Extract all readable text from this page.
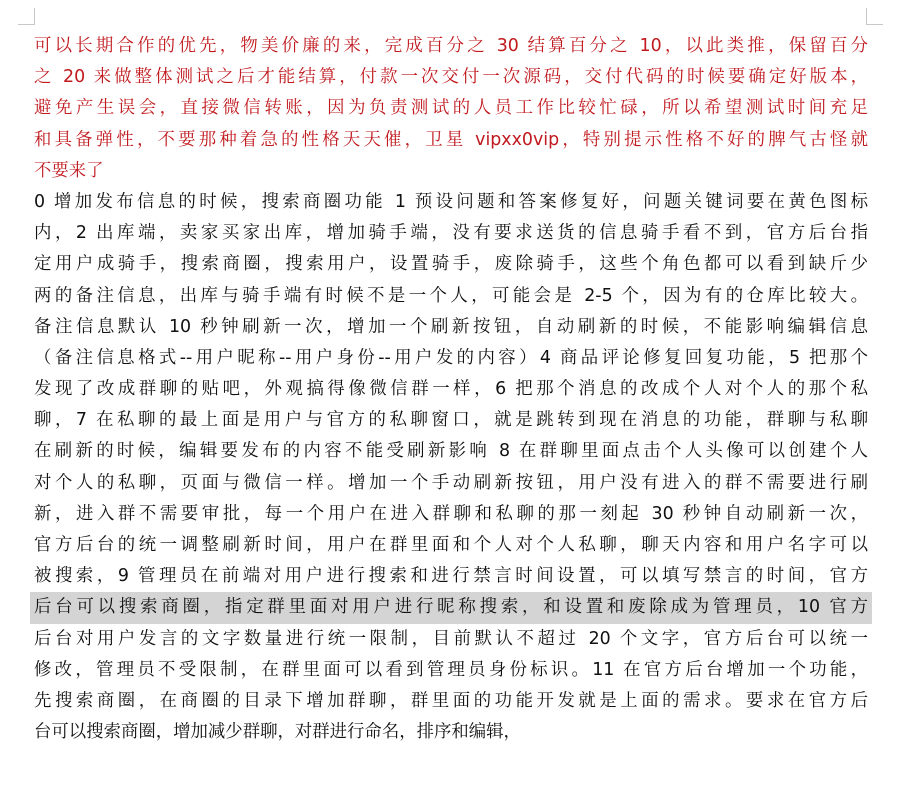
可以长期合作的优先，物美价廉的来，完成百分之 30 结算百分之 10，以此类推，保留百分
之 20 来做整体测试之后才能结算，付款一次交付一次源码，交付代码的时候要确定好版本，
避免产生误会，直接微信转账，因为负责测试的人员工作比较忙碌，所以希望测试时间充足
和具备弹性，不要那种着急的性格天天催，卫星 vipxx0vip，特别提示性格不好的脾气古怪就
不要来了
0 增加发布信息的时候，搜索商圈功能 1 预设问题和答案修复好，问题关键词要在黄色图标
内，2 出库端，卖家买家出库，增加骑手端，没有要求送货的信息骑手看不到，官方后台指
定用户成骑手，搜索商圈，搜索用户，设置骑手，废除骑手，这些个角色都可以看到缺斤少
两的备注信息，出库与骑手端有时候不是一个人，可能会是 2-5 个，因为有的仓库比较大。
备注信息默认 10 秒钟刷新一次，增加一个刷新按钮，自动刷新的时候，不能影响编辑信息
（备注信息格式--用户昵称--用户身份--用户发的内容）4 商品评论修复回复功能，5 把那个
发现了改成群聊的贴吧，外观搞得像微信群一样，6 把那个消息的改成个人对个人的那个私
聊，7 在私聊的最上面是用户与官方的私聊窗口，就是跳转到现在消息的功能，群聊与私聊
在刷新的时候，编辑要发布的内容不能受刷新影响 8 在群聊里面点击个人头像可以创建个人
对个人的私聊，页面与微信一样。增加一个手动刷新按钮，用户没有进入的群不需要进行刷
新，进入群不需要审批，每一个用户在进入群聊和私聊的那一刻起 30 秒钟自动刷新一次，
官方后台的统一调整刷新时间，用户在群里面和个人对个人私聊，聊天内容和用户名字可以
被搜索，9 管理员在前端对用户进行搜索和进行禁言时间设置，可以填写禁言的时间，官方
后台可以搜索商圈，指定群里面对用户进行昵称搜索，和设置和废除成为管理员，10 官方
后台对用户发言的文字数量进行统一限制，目前默认不超过 20 个文字，官方后台可以统一
修改，管理员不受限制，在群里面可以看到管理员身份标识。11 在官方后台增加一个功能，
先搜索商圈，在商圈的目录下增加群聊，群里面的功能开发就是上面的需求。要求在官方后
台可以搜索商圈，增加减少群聊，对群进行命名，排序和编辑，
